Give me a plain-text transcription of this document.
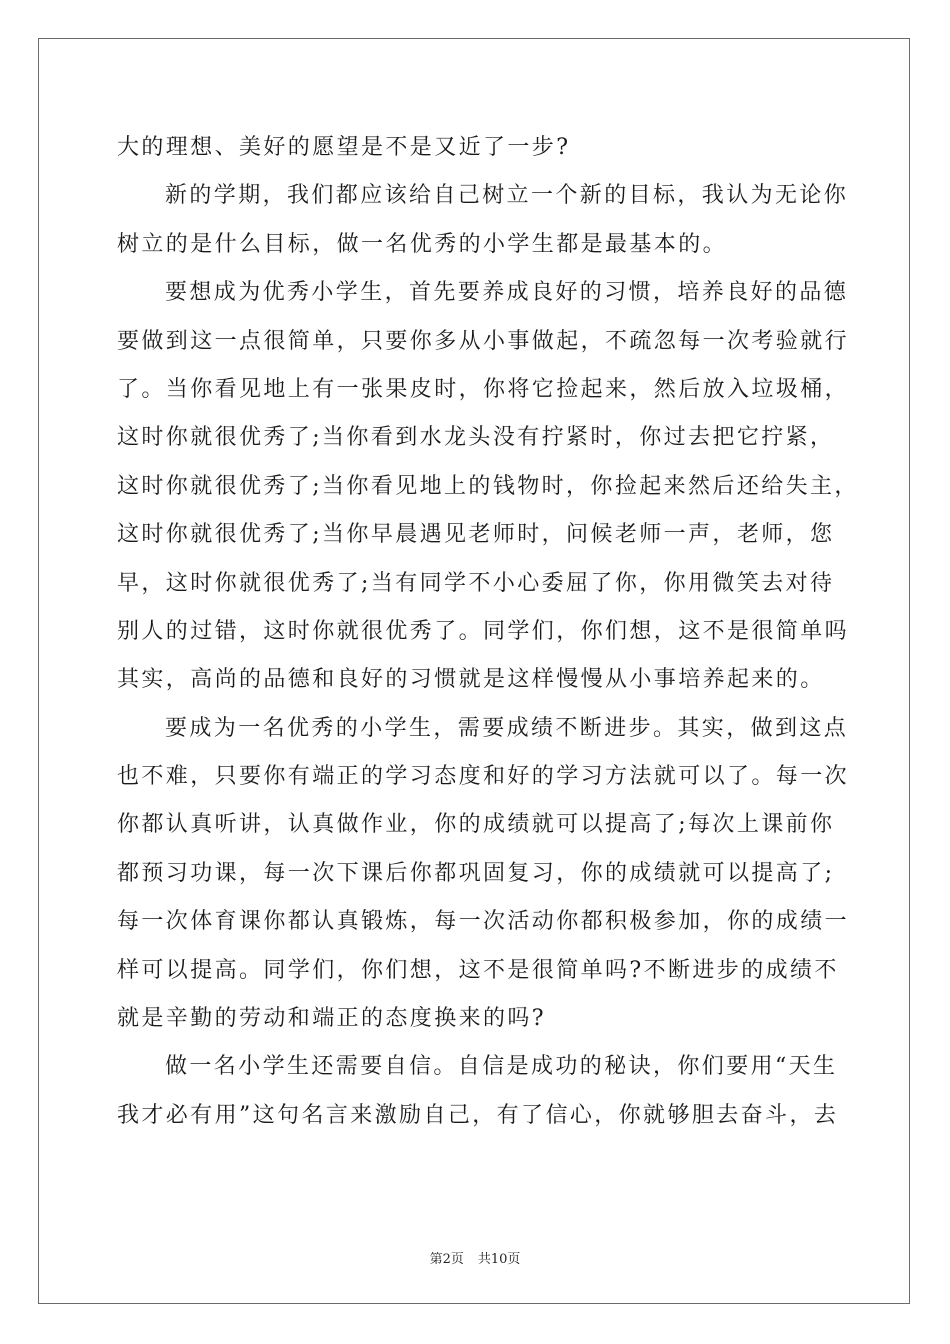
大的理想、美好的愿望是不是又近了一步?
新的学期，我们都应该给自己树立一个新的目标，我认为无论你
树立的是什么目标，做一名优秀的小学生都是最基本的。
要想成为优秀小学生，首先要养成良好的习惯，培养良好的品德
要做到这一点很简单，只要你多从小事做起，不疏忽每一次考验就行
了。当你看见地上有一张果皮时，你将它捡起来，然后放入垃圾桶，
这时你就很优秀了;当你看到水龙头没有拧紧时，你过去把它拧紧，
这时你就很优秀了;当你看见地上的钱物时，你捡起来然后还给失主，
这时你就很优秀了;当你早晨遇见老师时，问候老师一声，老师，您
早，这时你就很优秀了;当有同学不小心委屈了你，你用微笑去对待
别人的过错，这时你就很优秀了。同学们，你们想，这不是很简单吗
其实，高尚的品德和良好的习惯就是这样慢慢从小事培养起来的。
要成为一名优秀的小学生，需要成绩不断进步。其实，做到这点
也不难，只要你有端正的学习态度和好的学习方法就可以了。每一次
你都认真听讲，认真做作业，你的成绩就可以提高了;每次上课前你
都预习功课，每一次下课后你都巩固复习，你的成绩就可以提高了;
每一次体育课你都认真锻炼，每一次活动你都积极参加，你的成绩一
样可以提高。同学们，你们想，这不是很简单吗?不断进步的成绩不
就是辛勤的劳动和端正的态度换来的吗?
做一名小学生还需要自信。自信是成功的秘诀，你们要用“天生
我才必有用”这句名言来激励自己，有了信心，你就够胆去奋斗，去
第2页 共10页
